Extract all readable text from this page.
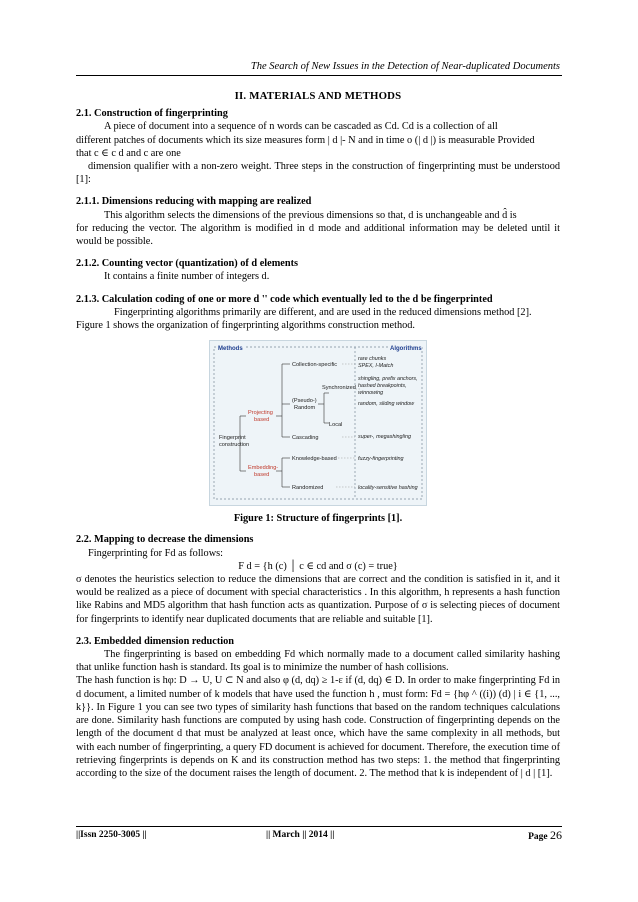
The Search of New Issues in the Detection of Near-duplicated Documents
II. MATERIALS AND METHODS
2.1. Construction of fingerprinting
A piece of document into a sequence of n words can be cascaded as Cd. Cd is a collection of all
different patches of documents which its size measures form | d |- N and in time o (| d |) is measurable Provided
that c ∈ c d and c are one
dimension qualifier with a non-zero weight. Three steps in the construction of fingerprinting must be understood [1]:
2.1.1. Dimensions reducing with mapping are realized
This algorithm selects the dimensions of the previous dimensions so that, d is unchangeable and d̂ is
for reducing the vector. The algorithm is modified in d mode and additional information may be deleted until it would be possible.
2.1.2. Counting vector (quantization) of d elements
It contains a finite number of integers d.
2.1.3. Calculation coding of one or more d '' code which eventually led to the d be fingerprinted
Fingerprinting algorithms primarily are different, and are used in the reduced dimensions method [2].
Figure 1 shows the organization of fingerprinting algorithms construction method.
Methods	Algorithms
Fingerprint
construction
Projecting
based
Embedding-
based
Collection-specific
(Pseudo-)
Random
Cascading
Synchronized
Local
Knowledge-based
Randomized
rare chunks
SPEX, I-Match
shingling, prefix anchors,
hashed breakpoints,
winnowing
random, sliding window
super-, megashingling
fuzzy-fingerprinting
locality-sensitive hashing
Figure 1: Structure of fingerprints [1].
2.2. Mapping to decrease the dimensions
Fingerprinting for Fd as follows:
F d = {h (c) │ c ∈ cd and σ (c) = true}
σ denotes the heuristics selection to reduce the dimensions that are correct and the condition is satisfied in it, and it would be realized as a piece of document with special characteristics . In this algorithm, h represents a hash function like Rabins and MD5 algorithm that hash function acts as quantization. Purpose of σ is selecting pieces of document for fingerprints to identify near duplicated documents that are reliable and suitable [1].
2.3. Embedded dimension reduction
The fingerprinting is based on embedding Fd which normally made to a document called similarity hashing that unlike function hash is standard. Its goal is to minimize the number of hash collisions.
The hash function is hφ: D → U, U ⊂ N and also φ (d, dq) ≥ 1-ε if (d, dq) ∈ D. In order to make fingerprinting Fd in d document, a limited number of k models that have used the function h , must form: Fd = {hφ ^ ((i)) (d) | i ∈ {1, ..., k}}. In Figure 1 you can see two types of similarity hash functions that based on the random techniques calculations are done. Similarity hash functions are computed by using hash code. Construction of fingerprinting depends on the length of the document d that must be analyzed at least once, which have the same complexity in all methods, but with each number of fingerprinting, a query FD document is achieved for document. Therefore, the execution time of retrieving fingerprints is depends on K and its construction method has two steps: 1. the method that fingerprinting according to the size of the document raises the length of document. 2. The method that k is independent of | d | [1].
||Issn 2250-3005 ||	|| March || 2014 ||	Page 26
